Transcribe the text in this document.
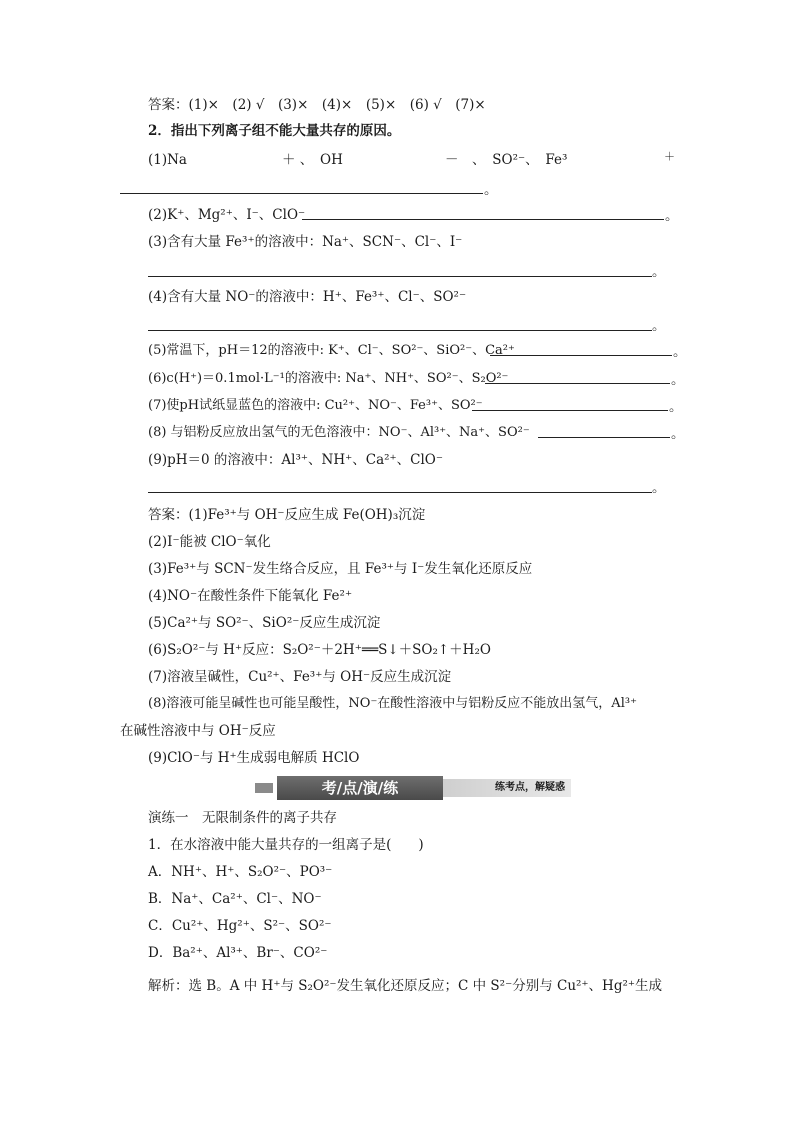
答案：(1)×　(2) √　(3)×　(4)×　(5)×　(6) √　(7)×
2．指出下列离子组不能大量共存的原因。
(1)Na	＋ 、　OH	－　、　SO²⁻、　Fe³	＋
。
(2)K⁺、Mg²⁺、I⁻、ClO⁻	。
(3)含有大量 Fe³⁺的溶液中：Na⁺、SCN⁻、Cl⁻、I⁻
。
(4)含有大量 NO⁻的溶液中：H⁺、Fe³⁺、Cl⁻、SO²⁻
。
(5)常温下，pH＝12的溶液中: K⁺、Cl⁻、SO²⁻、SiO²⁻、Ca²⁺	。
(6)c(H⁺)＝0.1mol·L⁻¹的溶液中: Na⁺、NH⁺、SO²⁻、S₂O²⁻	。
(7)使pH试纸显蓝色的溶液中: Cu²⁺、NO⁻、Fe³⁺、SO²⁻	。
(8) 与铝粉反应放出氢气的无色溶液中：NO⁻、Al³⁺、Na⁺、SO²⁻	。
(9)pH＝0 的溶液中：Al³⁺、NH⁺、Ca²⁺、ClO⁻
。
答案：(1)Fe³⁺与 OH⁻反应生成 Fe(OH)₃沉淀
(2)I⁻能被 ClO⁻氧化
(3)Fe³⁺与 SCN⁻发生络合反应，且 Fe³⁺与 I⁻发生氧化还原反应
(4)NO⁻在酸性条件下能氧化 Fe²⁺
(5)Ca²⁺与 SO²⁻、SiO²⁻反应生成沉淀
(6)S₂O²⁻与 H⁺反应：S₂O²⁻＋2H⁺══S↓＋SO₂↑＋H₂O
(7)溶液呈碱性，Cu²⁺、Fe³⁺与 OH⁻反应生成沉淀
(8)溶液可能呈碱性也可能呈酸性，NO⁻在酸性溶液中与铝粉反应不能放出氢气，Al³⁺
在碱性溶液中与 OH⁻反应
(9)ClO⁻与 H⁺生成弱电解质 HClO
考/点/演/练	练考点，解疑惑
演练一　无限制条件的离子共存
1．在水溶液中能大量共存的一组离子是(　　)
A．NH⁺、H⁺、S₂O²⁻、PO³⁻
B．Na⁺、Ca²⁺、Cl⁻、NO⁻
C．Cu²⁺、Hg²⁺、S²⁻、SO²⁻
D．Ba²⁺、Al³⁺、Br⁻、CO²⁻
解析：选 B。A 中 H⁺与 S₂O²⁻发生氧化还原反应；C 中 S²⁻分别与 Cu²⁺、Hg²⁺生成
